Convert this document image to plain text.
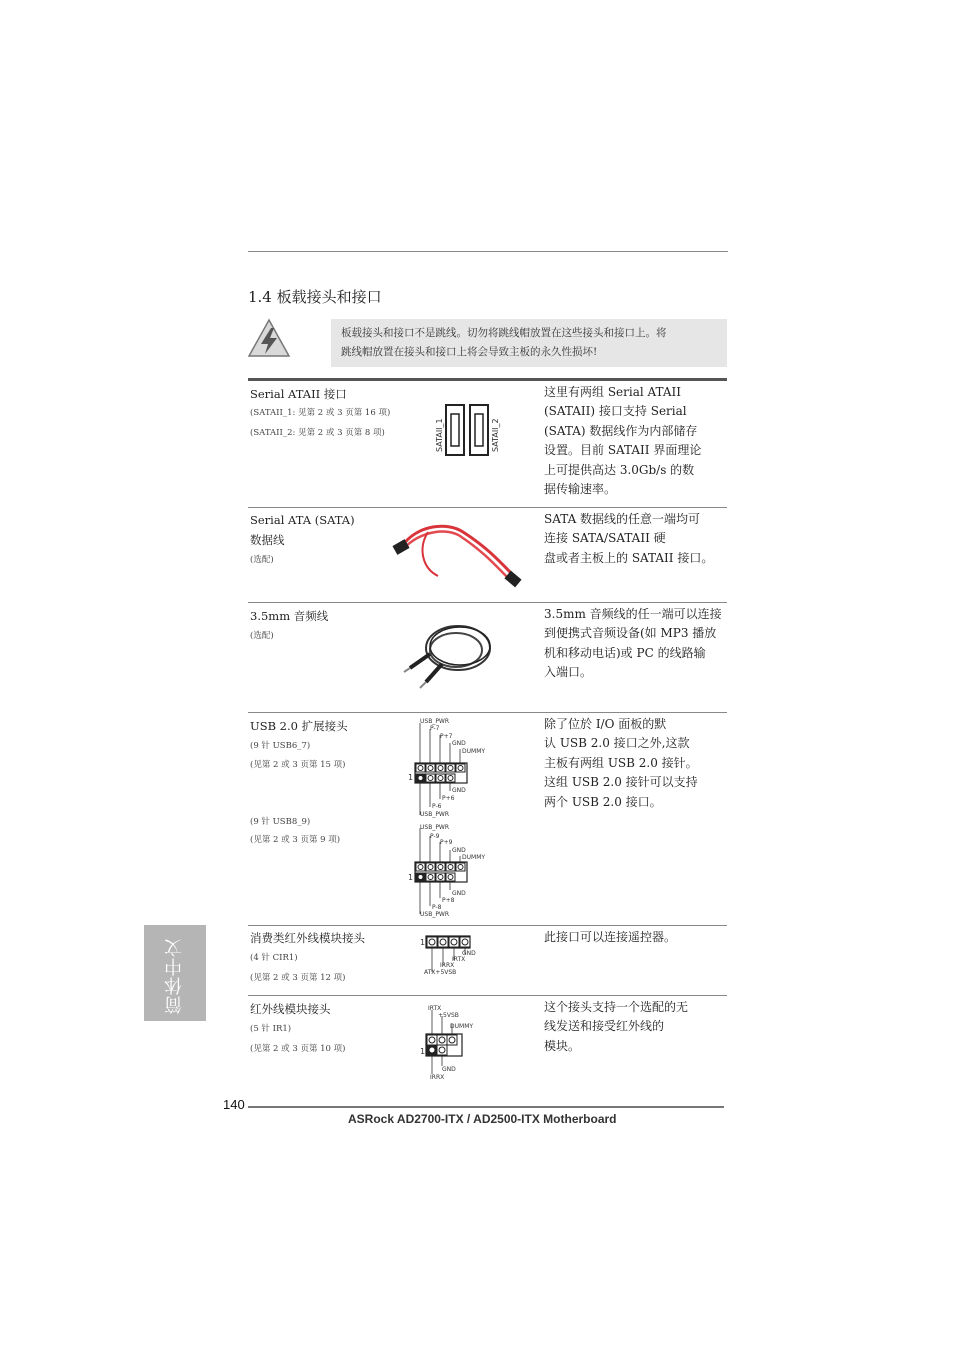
1.4 板载接头和接口
板载接头和接口不是跳线。切勿将跳线帽放置在这些接头和接口上。将
跳线帽放置在接头和接口上将会导致主板的永久性损坏!
Serial ATAII 接口
(SATAII_1: 见第 2 或 3 页第 16 项)
(SATAII_2: 见第 2 或 3 页第 8 项)	SATAII_1	SATAII_2
这里有两组 Serial ATAII
(SATAII) 接口支持 Serial
(SATA) 数据线作为内部储存
设置。目前 SATAII 界面理论
上可提供高达 3.0Gb/s 的数
据传输速率。
Serial ATA (SATA)
数据线
(选配)
SATA 数据线的任意一端均可
连接 SATA/SATAII 硬
盘或者主板上的 SATAII 接口。
3.5mm 音频线
(选配)
3.5mm 音频线的任一端可以连接
到便携式音频设备(如 MP3 播放
机和移动电话)或 PC 的线路输
入端口。
USB 2.0 扩展接头
(9 针 USB6_7)
(见第 2 或 3 页第 15 项)
(9 针 USB8_9)
(见第 2 或 3 页第 9 项)
1
USB_PWR
P-7
P+7
GND
DUMMY
GND
P+6
P-6
USB_PWR
1
USB_PWR
P-9
P+9
GND
DUMMY
GND
P+8
P-8
USB_PWR
除了位於 I/O 面板的默
认 USB 2.0 接口之外,这款
主板有两组 USB 2.0 接针。
这组 USB 2.0 接针可以支持
两个 USB 2.0 接口。
消费类红外线模块接头
(4 针 CIR1)
(见第 2 或 3 页第 12 项)
1
GND
IRTX
IRRX
ATX+5VSB
此接口可以连接遥控器。
红外线模块接头
(5 针 IR1)
(见第 2 或 3 页第 10 项)	1
IRTX
+5VSB
DUMMY
GND
IRRX
这个接头支持一个选配的无
线发送和接受红外线的
模块。
简体中文
140
ASRock AD2700-ITX / AD2500-ITX Motherboard
